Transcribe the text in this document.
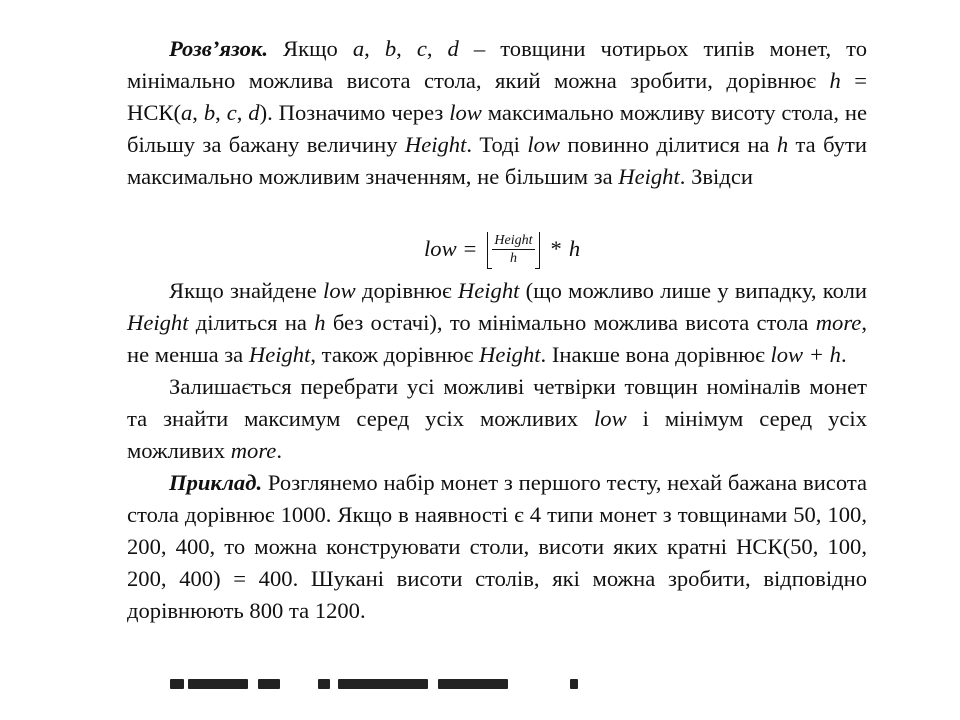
Розв’язок. Якщо a, b, c, d – товщини чотирьох типів монет, то мінімально можлива висота стола, який можна зробити, дорівнює h = НСК(a, b, c, d). Позначимо через low максимально можливу висоту стола, не більшу за бажану величину Height. Тоді low повинно ділитися на h та бути максимально можливим значенням, не більшим за Height. Звідси
low = $\frac{\text{Height}}{h}$ * h
Якщо знайдене low дорівнює Height (що можливо лише у випадку, коли Height ділиться на h без остачі), то мінімально можлива висота стола more, не менша за Height, також дорівнює Height. Інакше вона дорівнює low + h.
Залишається перебрати усі можливі четвірки товщин номіналів монет та знайти максимум серед усіх можливих low і мінімум серед усіх можливих more.
Приклад. Розглянемо набір монет з першого тесту, нехай бажана висота стола дорівнює 1000. Якщо в наявності є 4 типи монет з товщинами 50, 100, 200, 400, то можна конструювати столи, висоти яких кратні НСК(50, 100, 200, 400) = 400. Шукані висоти столів, які можна зробити, відповідно дорівнюють 800 та 1200.
